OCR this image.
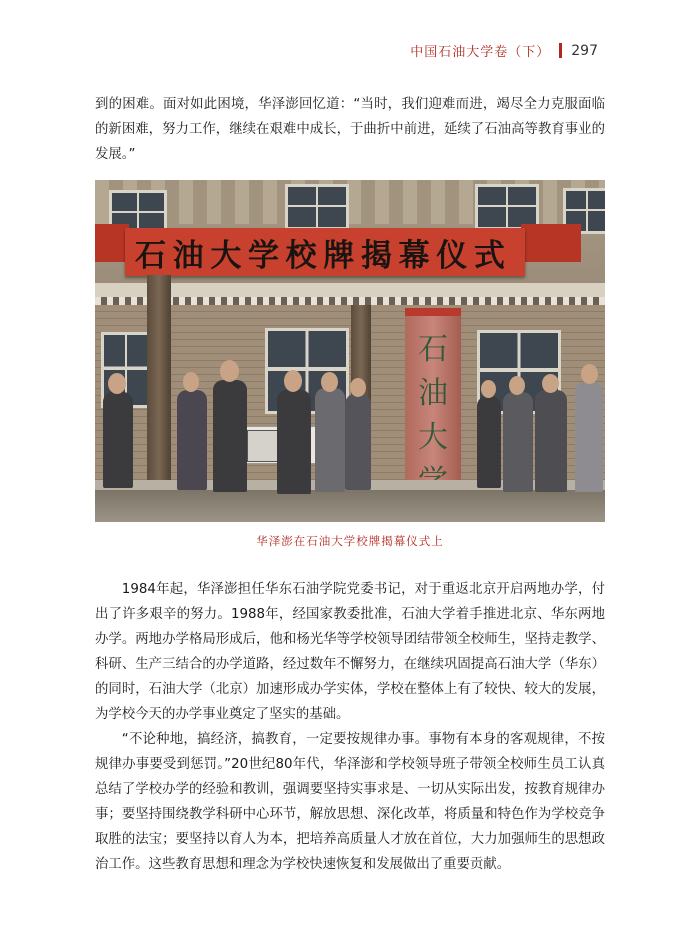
中国石油大学卷（下） 297

到的困难。面对如此困境，华泽澎回忆道：“当时，我们迎难而进，竭尽全力克服面临的新困难，努力工作，继续在艰难中成长，于曲折中前进，延续了石油高等教育事业的发展。”

石 油 大 学 校 牌 揭 幕 仪 式
石
油
大
华泽澎在石油大学校牌揭幕仪式上

1984年起，华泽澎担任华东石油学院党委书记，对于重返北京开启两地办学，付出了许多艰辛的努力。1988年，经国家教委批准，石油大学着手推进北京、华东两地办学。两地办学格局形成后，他和杨光华等学校领导团结带领全校师生，坚持走教学、科研、生产三结合的办学道路，经过数年不懈努力，在继续巩固提高石油大学（华东）的同时，石油大学（北京）加速形成办学实体，学校在整体上有了较快、较大的发展，为学校今天的办学事业奠定了坚实的基础。

“不论种地，搞经济，搞教育，一定要按规律办事。事物有本身的客观规律，不按规律办事要受到惩罚。”20世纪80年代，华泽澎和学校领导班子带领全校师生员工认真总结了学校办学的经验和教训，强调要坚持实事求是、一切从实际出发，按教育规律办事；要坚持围绕教学科研中心环节，解放思想、深化改革，将质量和特色作为学校竞争取胜的法宝；要坚持以育人为本，把培养高质量人才放在首位，大力加强师生的思想政治工作。这些教育思想和理念为学校快速恢复和发展做出了重要贡献。
